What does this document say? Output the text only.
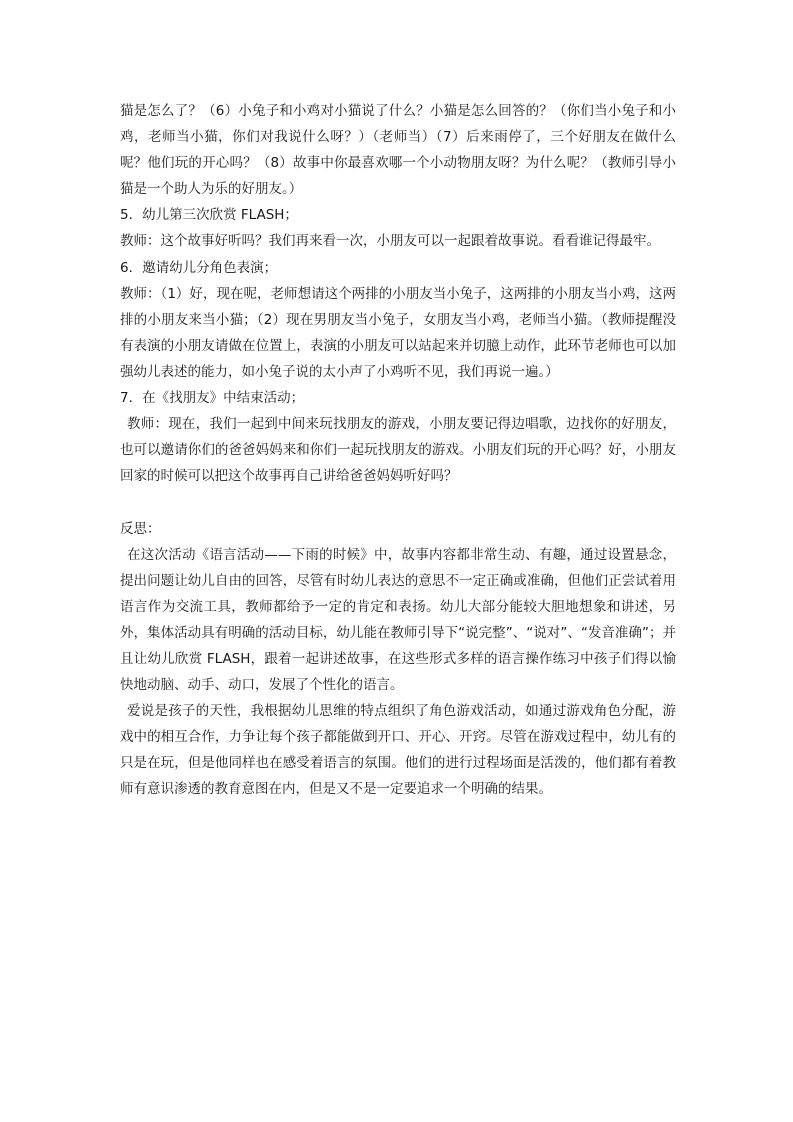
猫是怎么了？（6）小兔子和小鸡对小猫说了什么？小猫是怎么回答的？（你们当小兔子和小鸡，老师当小猫，你们对我说什么呀？）（老师当）（7）后来雨停了，三个好朋友在做什么呢？他们玩的开心吗？（8）故事中你最喜欢哪一个小动物朋友呀？为什么呢？（教师引导小猫是一个助人为乐的好朋友。）

5．幼儿第三次欣赏 FLASH；

教师：这个故事好听吗？我们再来看一次，小朋友可以一起跟着故事说。看看谁记得最牢。

6．邀请幼儿分角色表演；

教师：（1）好，现在呢，老师想请这个两排的小朋友当小兔子，这两排的小朋友当小鸡，这两排的小朋友来当小猫；（2）现在男朋友当小兔子，女朋友当小鸡，老师当小猫。（教师提醒没有表演的小朋友请做在位置上，表演的小朋友可以站起来并切臆上动作，此环节老师也可以加强幼儿表述的能力，如小兔子说的太小声了小鸡听不见，我们再说一遍。）

7．在《找朋友》中结束活动；

教师：现在，我们一起到中间来玩找朋友的游戏，小朋友要记得边唱歌，边找你的好朋友，也可以邀请你们的爸爸妈妈来和你们一起玩找朋友的游戏。小朋友们玩的开心吗？好，小朋友回家的时候可以把这个故事再自己讲给爸爸妈妈听好吗？

反思：

在这次活动《语言活动——下雨的时候》中，故事内容都非常生动、有趣，通过设置悬念，提出问题让幼儿自由的回答，尽管有时幼儿表达的意思不一定正确或准确，但他们正尝试着用语言作为交流工具，教师都给予一定的肯定和表扬。幼儿大部分能较大胆地想象和讲述，另外，集体活动具有明确的活动目标，幼儿能在教师引导下“说完整”、“说对”、“发音准确”；并且让幼儿欣赏 FLASH，跟着一起讲述故事，在这些形式多样的语言操作练习中孩子们得以愉快地动脑、动手、动口，发展了个性化的语言。

爱说是孩子的天性，我根据幼儿思维的特点组织了角色游戏活动，如通过游戏角色分配，游戏中的相互合作，力争让每个孩子都能做到开口、开心、开窍。尽管在游戏过程中，幼儿有的只是在玩，但是他同样也在感受着语言的氛围。他们的进行过程场面是活泼的，他们都有着教师有意识渗透的教育意图在内，但是又不是一定要追求一个明确的结果。
